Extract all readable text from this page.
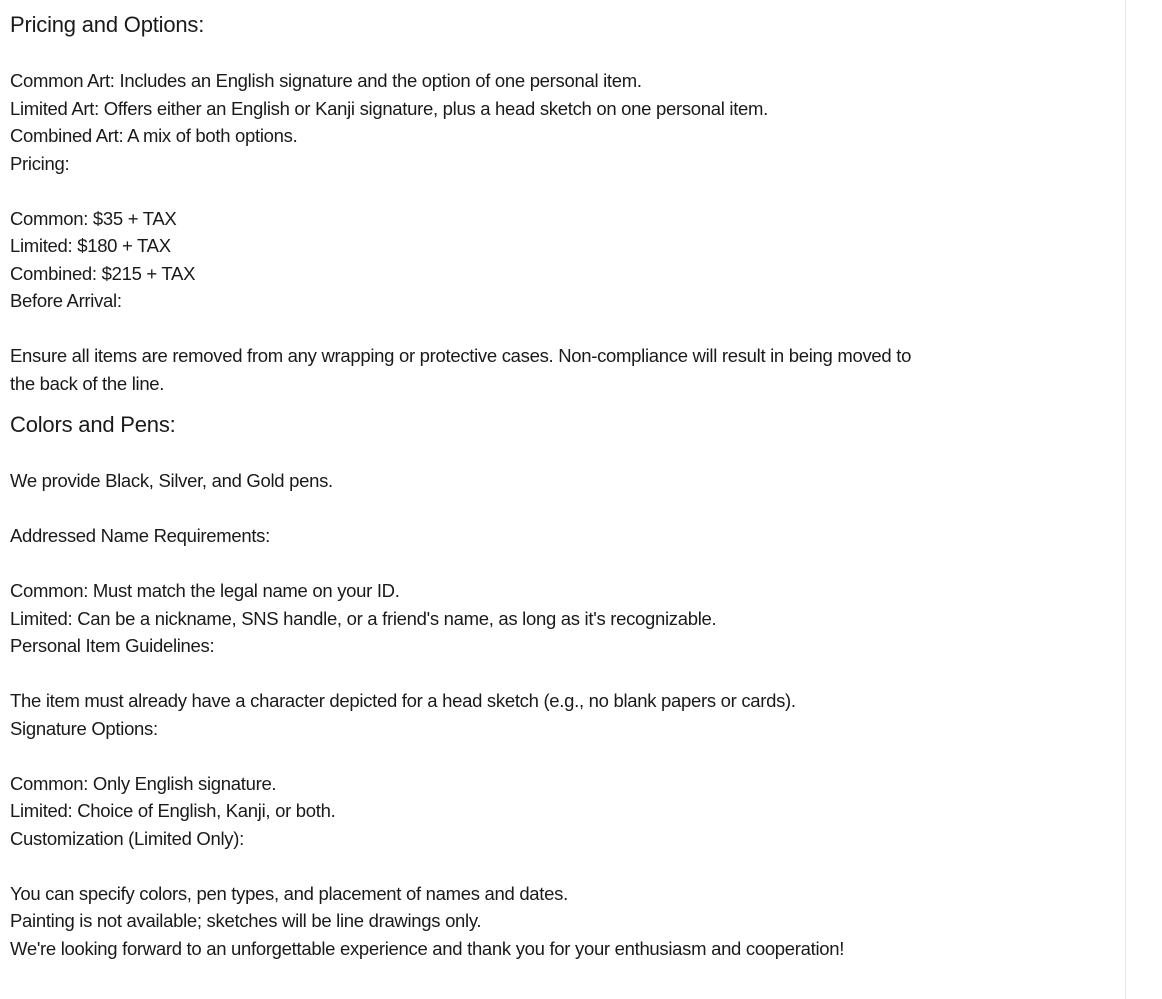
Pricing and Options:

Common Art: Includes an English signature and the option of one personal item.

Limited Art: Offers either an English or Kanji signature, plus a head sketch on one personal item.

Combined Art: A mix of both options.

Pricing:

Common: $35 + TAX

Limited: $180 + TAX

Combined: $215 + TAX

Before Arrival:

Ensure all items are removed from any wrapping or protective cases. Non-compliance will result in being moved to

the back of the line.

Colors and Pens:

We provide Black, Silver, and Gold pens.

Addressed Name Requirements:

Common: Must match the legal name on your ID.

Limited: Can be a nickname, SNS handle, or a friend's name, as long as it's recognizable.

Personal Item Guidelines:

The item must already have a character depicted for a head sketch (e.g., no blank papers or cards).

Signature Options:

Common: Only English signature.

Limited: Choice of English, Kanji, or both.

Customization (Limited Only):

You can specify colors, pen types, and placement of names and dates.

Painting is not available; sketches will be line drawings only.

We're looking forward to an unforgettable experience and thank you for your enthusiasm and cooperation!
